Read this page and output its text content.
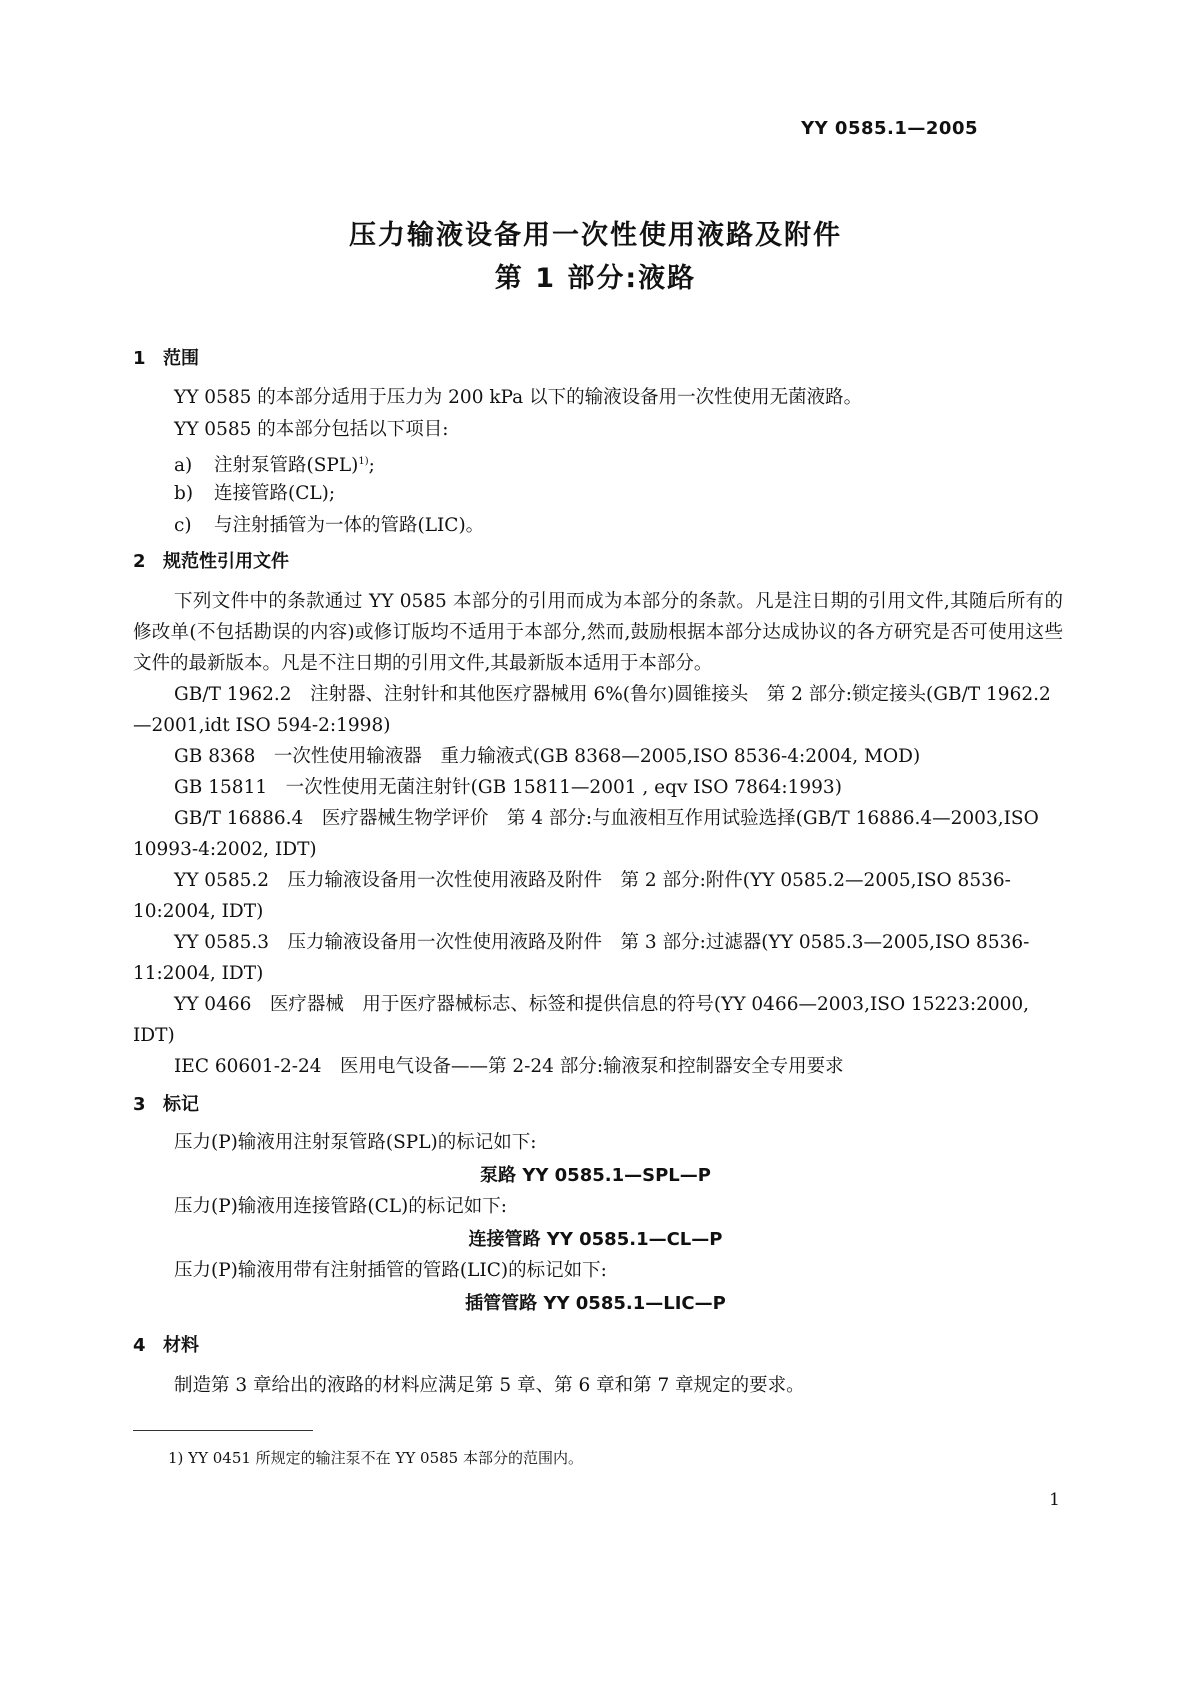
YY 0585.1—2005
压力输液设备用一次性使用液路及附件
第 1 部分:液路
1 范围
YY 0585 的本部分适用于压力为 200 kPa 以下的输液设备用一次性使用无菌液路。
YY 0585 的本部分包括以下项目:
a) 注射泵管路(SPL)$^{1)}$;
b) 连接管路(CL);
c) 与注射插管为一体的管路(LIC)。
2 规范性引用文件
下列文件中的条款通过 YY 0585 本部分的引用而成为本部分的条款。凡是注日期的引用文件,其随后所有的修改单(不包括勘误的内容)或修订版均不适用于本部分,然而,鼓励根据本部分达成协议的各方研究是否可使用这些文件的最新版本。凡是不注日期的引用文件,其最新版本适用于本部分。
GB/T 1962.2　注射器、注射针和其他医疗器械用 6%(鲁尔)圆锥接头　第 2 部分:锁定接头(GB/T 1962.2—2001,idt ISO 594-2:1998)
GB 8368　一次性使用输液器　重力输液式(GB 8368—2005,ISO 8536-4:2004, MOD)
GB 15811　一次性使用无菌注射针(GB 15811—2001 , eqv ISO 7864:1993)
GB/T 16886.4　医疗器械生物学评价　第 4 部分:与血液相互作用试验选择(GB/T 16886.4—2003,ISO 10993-4:2002, IDT)
YY 0585.2　压力输液设备用一次性使用液路及附件　第 2 部分:附件(YY 0585.2—2005,ISO 8536-10:2004, IDT)
YY 0585.3　压力输液设备用一次性使用液路及附件　第 3 部分:过滤器(YY 0585.3—2005,ISO 8536-11:2004, IDT)
YY 0466　医疗器械　用于医疗器械标志、标签和提供信息的符号(YY 0466—2003,ISO 15223:2000, IDT)
IEC 60601-2-24　医用电气设备——第 2-24 部分:输液泵和控制器安全专用要求
3 标记
压力(P)输液用注射泵管路(SPL)的标记如下:
泵路 YY 0585.1—SPL—P
压力(P)输液用连接管路(CL)的标记如下:
连接管路 YY 0585.1—CL—P
压力(P)输液用带有注射插管的管路(LIC)的标记如下:
插管管路 YY 0585.1—LIC—P
4 材料
制造第 3 章给出的液路的材料应满足第 5 章、第 6 章和第 7 章规定的要求。
1) YY 0451 所规定的输注泵不在 YY 0585 本部分的范围内。
1
